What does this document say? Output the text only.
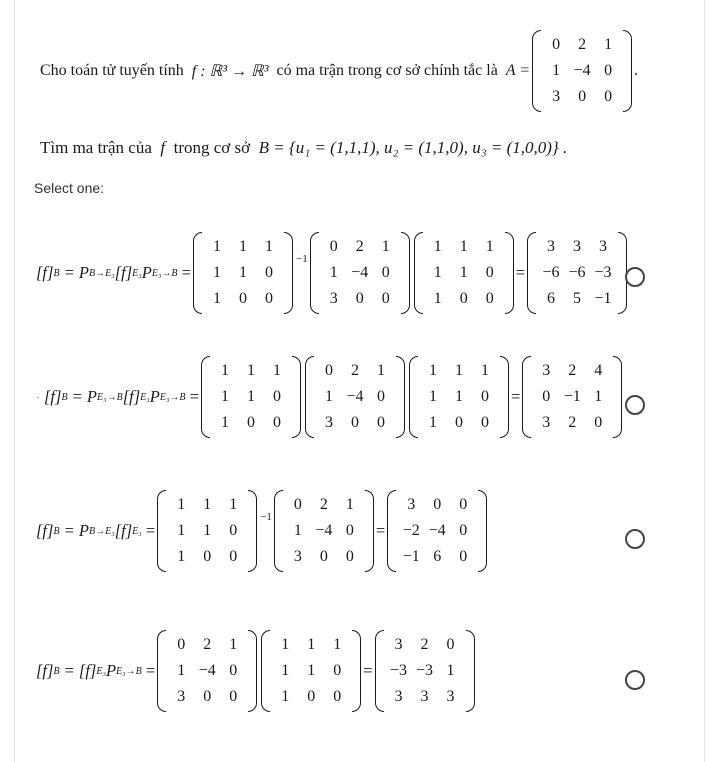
Cho toán tử tuyến tính
f : ℝ³ → ℝ³
có ma trận trong cơ sở chính tắc là
A =
0	2	1
1 −4 0
3	0	0
.
Tìm ma trận của f trong cơ sở B = {u₁ = (1,1,1), u₂ = (1,1,0), u₃ = (1,0,0)} .
Select one:
[f] B
= P B→E₃ [f] E₃ P E₃→B
=
1	1	1
1	1	0
1	0	0
−1
0	2	1
1 −4 0
3	0	0
1	1	1
1	1	0
1	0	0
=
3	3	3
−6 −6 −3
6	5 −1
· [f] B
= P E₃→B [f] E₃ P E₃→B
=
1	1	1
1	1	0
1	0	0
0	2	1
1 −4 0
3	0	0
1	1	1
1	1	0
1	0	0
=
3	2	4
0 −1 1
3	2	0
[f] B
= P B→E₃ [f] E₃
=
1	1	1
1	1	0
1	0	0
−1
0	2	1
1 −4 0
3	0	0
=
3	0	0
−2 −4 0
−1 6	0
[f] B
= [f] E₃ P E₃→B
=
0	2	1
1 −4 0
3	0	0
1	1	1
1	1	0
1	0	0
=
3	2	0
−3 −3 1
3	3	3
